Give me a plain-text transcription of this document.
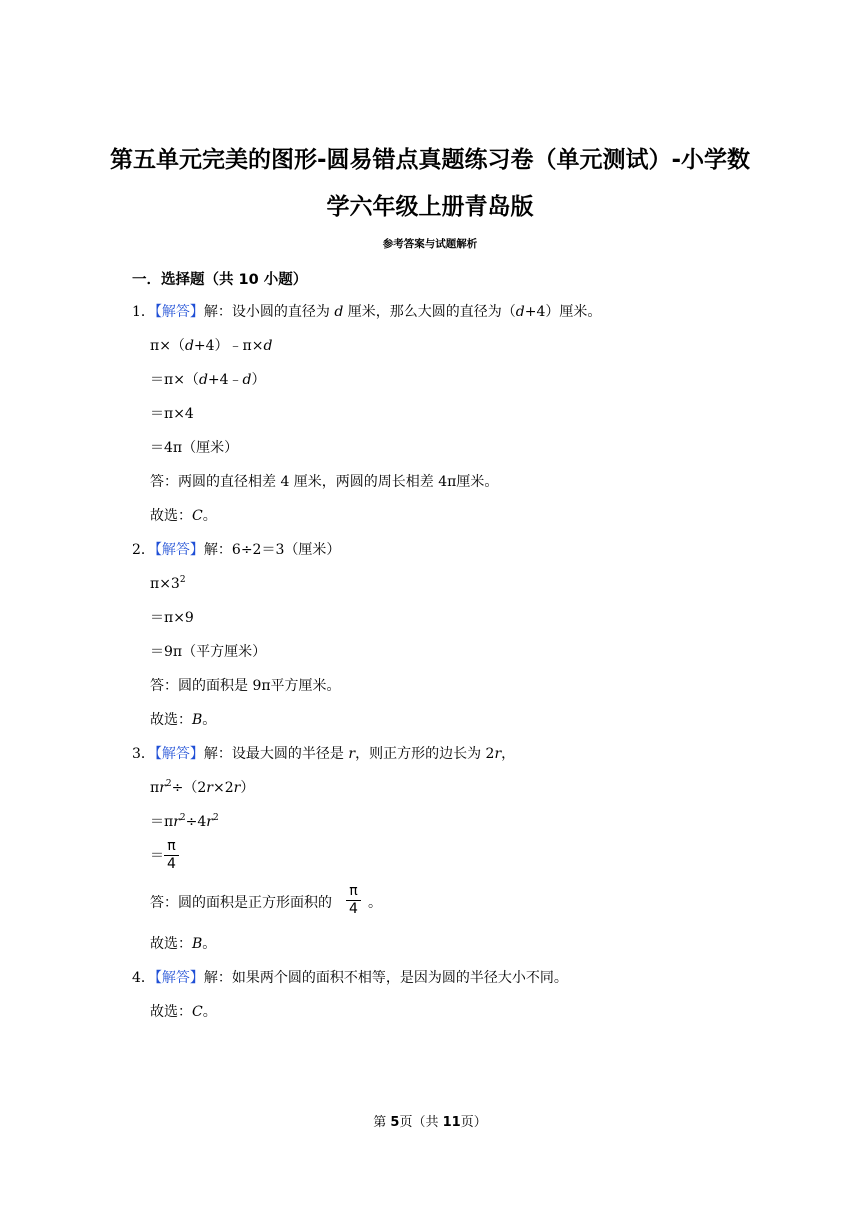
第五单元完美的图形-圆易错点真题练习卷（单元测试）-小学数
学六年级上册青岛版
参考答案与试题解析
一．选择题（共 10 小题）
1．【解答】解：设小圆的直径为 d 厘米，那么大圆的直径为（d+4）厘米。
π×（d+4）﹣π×d
＝π×（d+4﹣d）
＝π×4
＝4π（厘米）
答：两圆的直径相差 4 厘米，两圆的周长相差 4π厘米。
故选：C。
2．【解答】解：6÷2＝3（厘米）
$\pi\times 3^2$
＝π×9
＝9π（平方厘米）
答：圆的面积是 9π平方厘米。
故选：B。
3．【解答】解：设最大圆的半径是 r，则正方形的边长为 2r，
$\pi r^2\div(2r\times 2r)$
$=\pi r^2\div 4r^2$
＝
π
4
答：圆的面积是正方形面积的
π
4 。
故选：B。
4．【解答】解：如果两个圆的面积不相等，是因为圆的半径大小不同。
故选：C。
第 5页（共 11页）
